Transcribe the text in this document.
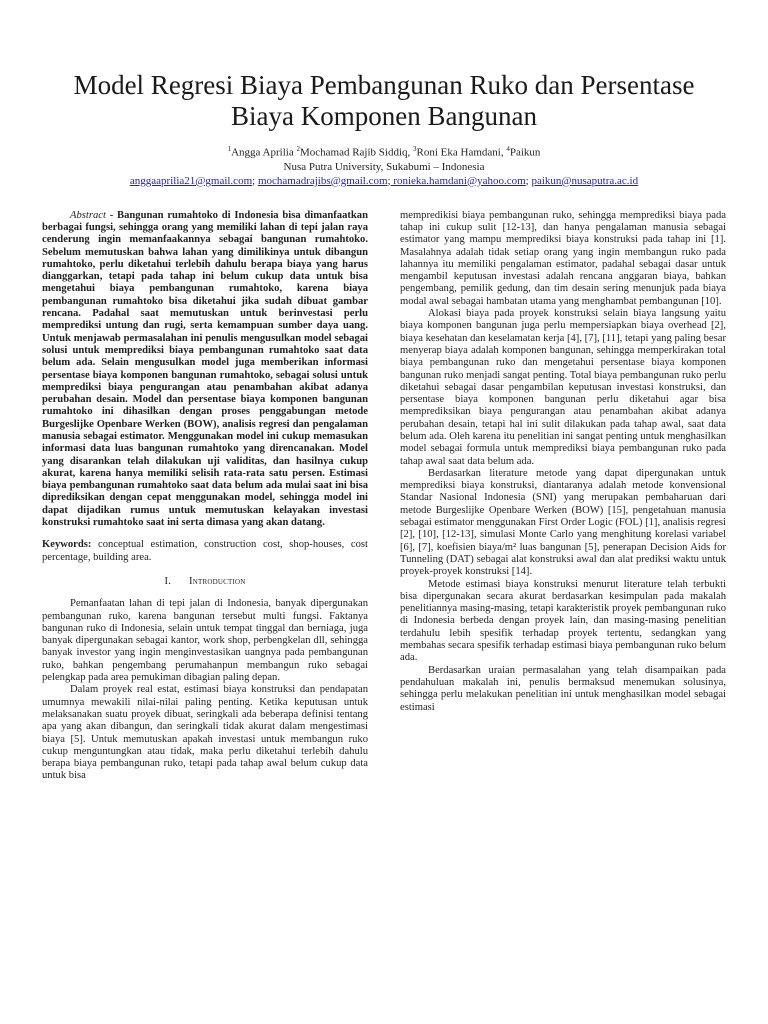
Model Regresi Biaya Pembangunan Ruko dan Persentase Biaya Komponen Bangunan
$^1$Angga Aprilia $^2$Mochamad Rajib Siddiq, $^3$Roni Eka Hamdani, $^4$Paikun
Nusa Putra University, Sukabumi – Indonesia
anggaaprilia21@gmail.com; mochamadrajibs@gmail.com; ronieka.hamdani@yahoo.com; paikun@nusaputra.ac.id

Abstract - Bangunan rumahtoko di Indonesia bisa dimanfaatkan berbagai fungsi, sehingga orang yang memiliki lahan di tepi jalan raya cenderung ingin memanfaakannya sebagai bangunan rumahtoko. Sebelum memutuskan bahwa lahan yang dimilikinya untuk dibangun rumahtoko, perlu diketahui terlebih dahulu berapa biaya yang harus dianggarkan, tetapi pada tahap ini belum cukup data untuk bisa mengetahui biaya pembangunan rumahtoko, karena biaya pembangunan rumahtoko bisa diketahui jika sudah dibuat gambar rencana. Padahal saat memutuskan untuk berinvestasi perlu memprediksi untung dan rugi, serta kemampuan sumber daya uang. Untuk menjawab permasalahan ini penulis mengusulkan model sebagai solusi untuk memprediksi biaya pembangunan rumahtoko saat data belum ada. Selain mengusulkan model juga memberikan informasi persentase biaya komponen bangunan rumahtoko, sebagai solusi untuk memprediksi biaya pengurangan atau penambahan akibat adanya perubahan desain. Model dan persentase biaya komponen bangunan rumahtoko ini dihasilkan dengan proses penggabungan metode Burgeslijke Openbare Werken (BOW), analisis regresi dan pengalaman manusia sebagai estimator. Menggunakan model ini cukup memasukan informasi data luas bangunan rumahtoko yang direncanakan. Model yang disarankan telah dilakukan uji validitas, dan hasilnya cukup akurat, karena hanya memiliki selisih rata-rata satu persen. Estimasi biaya pembangunan rumahtoko saat data belum ada mulai saat ini bisa diprediksikan dengan cepat menggunakan model, sehingga model ini dapat dijadikan rumus untuk memutuskan kelayakan investasi konstruksi rumahtoko saat ini serta dimasa yang akan datang.

Keywords: conceptual estimation, construction cost, shop-houses, cost percentage, building area.

I. Introduction

Pemanfaatan lahan di tepi jalan di Indonesia, banyak dipergunakan pembangunan ruko, karena bangunan tersebut multi fungsi. Faktanya bangunan ruko di Indonesia, selain untuk tempat tinggal dan berniaga, juga banyak dipergunakan sebagai kantor, work shop, perbengkelan dll, sehingga banyak investor yang ingin menginvestasikan uangnya pada pembangunan ruko, bahkan pengembang perumahanpun membangun ruko sebagai pelengkap pada area pemukiman dibagian paling depan.

Dalam proyek real estat, estimasi biaya konstruksi dan pendapatan umumnya mewakili nilai-nilai paling penting. Ketika keputusan untuk melaksanakan suatu proyek dibuat, seringkali ada beberapa definisi tentang apa yang akan dibangun, dan seringkali tidak akurat dalam mengestimasi biaya [5]. Untuk memutuskan apakah investasi untuk membangun ruko cukup menguntungkan atau tidak, maka perlu diketahui terlebih dahulu berapa biaya pembangunan ruko, tetapi pada tahap awal belum cukup data untuk bisa

mempredikisi biaya pembangunan ruko, sehingga memprediksi biaya pada tahap ini cukup sulit [12-13], dan hanya pengalaman manusia sebagai estimator yang mampu memprediksi biaya konstruksi pada tahap ini [1]. Masalahnya adalah tidak setiap orang yang ingin membangun ruko pada lahannya itu memiliki pengalaman estimator, padahal sebagai dasar untuk mengambil keputusan investasi adalah rencana anggaran biaya, bahkan pengembang, pemilik gedung, dan tim desain sering menunjuk pada biaya modal awal sebagai hambatan utama yang menghambat pembangunan [10].

Alokasi biaya pada proyek konstruksi selain biaya langsung yaitu biaya komponen bangunan juga perlu mempersiapkan biaya overhead [2], biaya kesehatan dan keselamatan kerja [4], [7], [11], tetapi yang paling besar menyerap biaya adalah komponen bangunan, sehingga memperkirakan total biaya pembangunan ruko dan mengetahui persentase biaya komponen bangunan ruko menjadi sangat penting. Total biaya pembangunan ruko perlu diketahui sebagai dasar pengambilan keputusan investasi konstruksi, dan persentase biaya komponen bangunan perlu diketahui agar bisa memprediksikan biaya pengurangan atau penambahan akibat adanya perubahan desain, tetapi hal ini sulit dilakukan pada tahap awal, saat data belum ada. Oleh karena itu penelitian ini sangat penting untuk menghasilkan model sebagai formula untuk memprediksi biaya pembangunan ruko pada tahap awal saat data belum ada.

Berdasarkan literature metode yang dapat dipergunakan untuk memprediksi biaya konstruksi, diantaranya adalah metode konvensional Standar Nasional Indonesia (SNI) yang merupakan pembaharuan dari metode Burgeslijke Openbare Werken (BOW) [15], pengetahuan manusia sebagai estimator menggunakan First Order Logic (FOL) [1], analisis regresi [2], [10], [12-13], simulasi Monte Carlo yang menghitung korelasi variabel [6], [7], koefisien biaya/m² luas bangunan [5], penerapan Decision Aids for Tunneling (DAT) sebagai alat konstruksi awal dan alat prediksi waktu untuk proyek-proyek konstruksi [14].

Metode estimasi biaya konstruksi menurut literature telah terbukti bisa dipergunakan secara akurat berdasarkan kesimpulan pada makalah penelitiannya masing-masing, tetapi karakteristik proyek pembangunan ruko di Indonesia berbeda dengan proyek lain, dan masing-masing penelitian terdahulu lebih spesifik terhadap proyek tertentu, sedangkan yang membahas secara spesifik terhadap estimasi biaya pembangunan ruko belum ada.

Berdasarkan uraian permasalahan yang telah disampaikan pada pendahuluan makalah ini, penulis bermaksud menemukan solusinya, sehingga perlu melakukan penelitian ini untuk menghasilkan model sebagai estimasi
